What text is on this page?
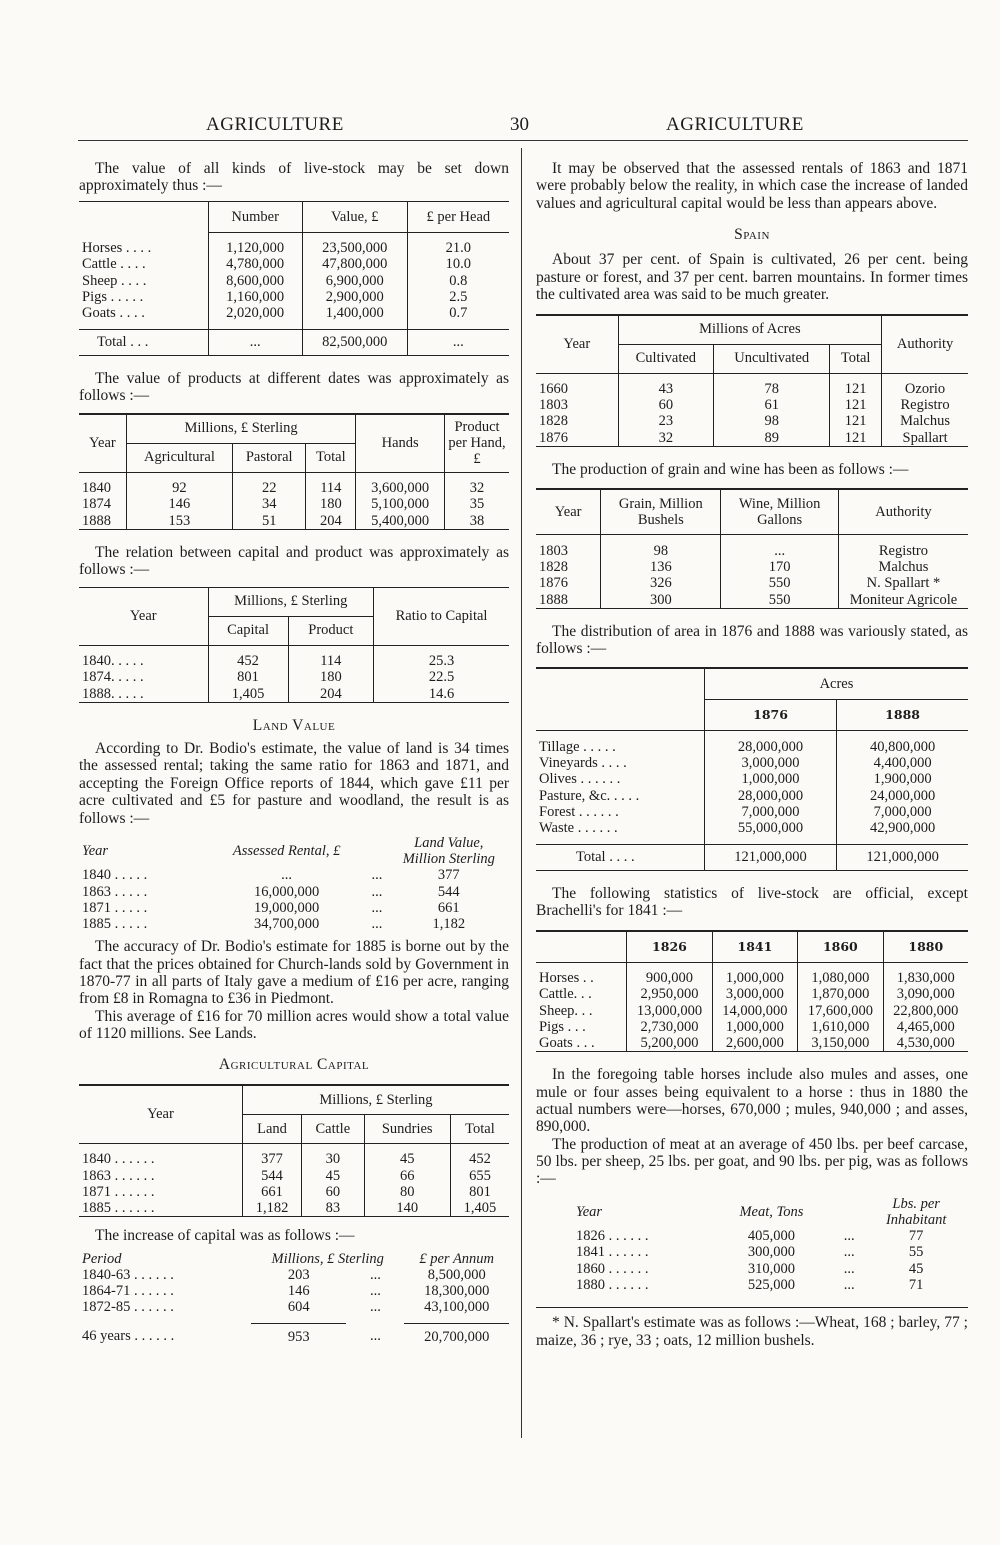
AGRICULTURE	30	AGRICULTURE

The value of all kinds of live-stock may be set down approximately thus :—

	Number	Value, £	£ per Head

Horses . . . .	1,120,000	23,500,000	21.0
Cattle . . . .	4,780,000	47,800,000	10.0
Sheep . . . .	8,600,000	6,900,000	0.8
Pigs . . . . .	1,160,000	2,900,000	2.5
Goats . . . .	2,020,000	1,400,000	0.7

Total . . .	...	82,500,000	...

The value of products at different dates was approximately as follows :—

Year	Millions, £ Sterling			Hands	Product per Hand, £
	Agricultural	Pastoral	Total		

1840	92	22	114	3,600,000	32
1874	146	34	180	5,100,000	35
1888	153	51	204	5,400,000	38

The relation between capital and product was approximately as follows :—

Year	Millions, £ Sterling		Ratio to Capital
	Capital	Product	

1840. . . . .	452	114	25.3
1874. . . . .	801	180	22.5
1888. . . . .	1,405	204	14.6

Land Value

According to Dr. Bodio's estimate, the value of land is 34 times the assessed rental; taking the same ratio for 1863 and 1871, and accepting the Foreign Office reports of 1844, which gave £11 per acre cultivated and £5 for pasture and woodland, the result is as follows :—

Year	Assessed Rental, £		Land Value, Million Sterling
1840 . . . . .	...	...	377
1863 . . . . .	16,000,000	...	544
1871 . . . . .	19,000,000	...	661
1885 . . . . .	34,700,000	...	1,182

The accuracy of Dr. Bodio's estimate for 1885 is borne out by the fact that the prices obtained for Church-lands sold by Government in 1870-77 in all parts of Italy gave a medium of £16 per acre, ranging from £8 in Romagna to £36 in Piedmont.

This average of £16 for 70 million acres would show a total value of 1120 millions. See Lands.

Agricultural Capital

Year	Millions, £ Sterling			
	Land	Cattle	Sundries	Total

1840 . . . . . .	377	30	45	452
1863 . . . . . .	544	45	66	655
1871 . . . . . .	661	60	80	801
1885 . . . . . .	1,182	83	140	1,405

The increase of capital was as follows :—

Period	Millions, £ Sterling		£ per Annum
1840-63 . . . . . .	203	...	8,500,000
1864-71 . . . . . .	146	...	18,300,000
1872-85 . . . . . .	604	...	43,100,000

46 years . . . . . .	953	...	20,700,000

It may be observed that the assessed rentals of 1863 and 1871 were probably below the reality, in which case the increase of landed values and agricultural capital would be less than appears above.

Spain

About 37 per cent. of Spain is cultivated, 26 per cent. being pasture or forest, and 37 per cent. barren mountains. In former times the cultivated area was said to be much greater.

Year	Millions of Acres			Authority
	Cultivated	Uncultivated	Total	

1660	43	78	121	Ozorio
1803	60	61	121	Registro
1828	23	98	121	Malchus
1876	32	89	121	Spallart

The production of grain and wine has been as follows :—

Year	Grain, Million Bushels	Wine, Million Gallons	Authority

1803	98	...	Registro
1828	136	170	Malchus
1876	326	550	N. Spallart *
1888	300	550	Moniteur Agricole

The distribution of area in 1876 and 1888 was variously stated, as follows :—

	Acres	
	1876	1888

Tillage . . . . .	28,000,000	40,800,000
Vineyards . . . .	3,000,000	4,400,000
Olives . . . . . .	1,000,000	1,900,000
Pasture, &c. . . . .	28,000,000	24,000,000
Forest . . . . . .	7,000,000	7,000,000
Waste . . . . . .	55,000,000	42,900,000

Total . . . .	121,000,000	121,000,000

The following statistics of live-stock are official, except Brachelli's for 1841 :—

	1826	1841	1860	1880

Horses . .	900,000	1,000,000	1,080,000	1,830,000
Cattle. . .	2,950,000	3,000,000	1,870,000	3,090,000
Sheep. . .	13,000,000	14,000,000	17,600,000	22,800,000
Pigs . . .	2,730,000	1,000,000	1,610,000	4,465,000
Goats . . .	5,200,000	2,600,000	3,150,000	4,530,000

In the foregoing table horses include also mules and asses, one mule or four asses being equivalent to a horse : thus in 1880 the actual numbers were—horses, 670,000 ; mules, 940,000 ; and asses, 890,000.

The production of meat at an average of 450 lbs. per beef carcase, 50 lbs. per sheep, 25 lbs. per goat, and 90 lbs. per pig, was as follows :—

Year	Meat, Tons		Lbs. per Inhabitant
1826 . . . . . .	405,000	...	77
1841 . . . . . .	300,000	...	55
1860 . . . . . .	310,000	...	45
1880 . . . . . .	525,000	...	71

* N. Spallart's estimate was as follows :—Wheat, 168 ; barley, 77 ; maize, 36 ; rye, 33 ; oats, 12 million bushels.
